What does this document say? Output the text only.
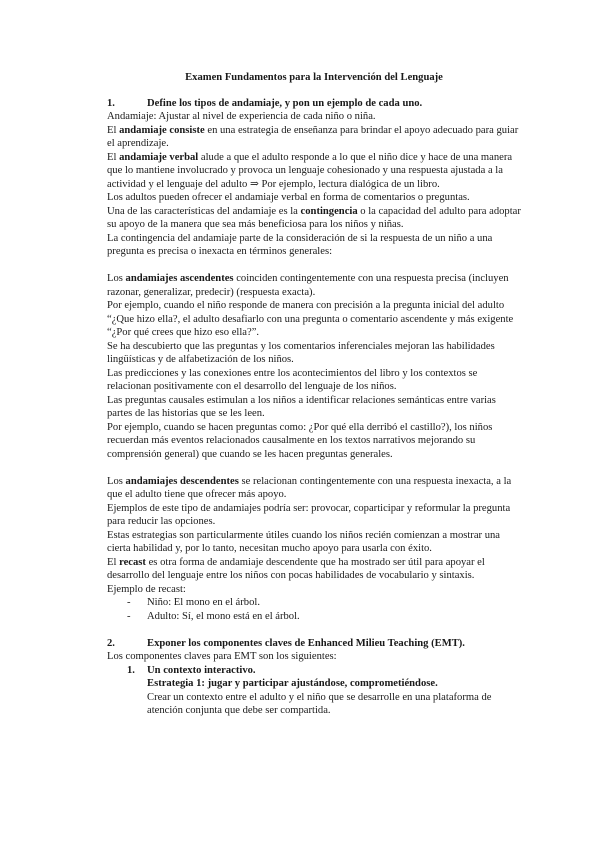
Examen Fundamentos para la Intervención del Lenguaje

1.	Define los tipos de andamiaje, y pon un ejemplo de cada uno.

Andamiaje: Ajustar al nivel de experiencia de cada niño o niña.

El andamiaje consiste en una estrategia de enseñanza para brindar el apoyo adecuado para guiar el aprendizaje.

El andamiaje verbal alude a que el adulto responde a lo que el niño dice y hace de una manera que lo mantiene involucrado y provoca un lenguaje cohesionado y una respuesta ajustada a la actividad y el lenguaje del adulto ⇒ Por ejemplo, lectura dialógica de un libro.

Los adultos pueden ofrecer el andamiaje verbal en forma de comentarios o preguntas.

Una de las características del andamiaje es la contingencia o la capacidad del adulto para adoptar su apoyo de la manera que sea más beneficiosa para los niños y niñas.

La contingencia del andamiaje parte de la consideración de si la respuesta de un niño a una pregunta es precisa o inexacta en términos generales:

Los andamiajes ascendentes coinciden contingentemente con una respuesta precisa (incluyen razonar, generalizar, predecir) (respuesta exacta).

Por ejemplo, cuando el niño responde de manera con precisión a la pregunta inicial del adulto “¿Que hizo ella?, el adulto desafiarlo con una pregunta o comentario ascendente y más exigente “¿Por qué crees que hizo eso ella?”.

Se ha descubierto que las preguntas y los comentarios inferenciales mejoran las habilidades lingüísticas y de alfabetización de los niños.

Las predicciones y las conexiones entre los acontecimientos del libro y los contextos se relacionan positivamente con el desarrollo del lenguaje de los niños.

Las preguntas causales estimulan a los niños a identificar relaciones semánticas entre varias partes de las historias que se les leen.

Por ejemplo, cuando se hacen preguntas como: ¿Por qué ella derribó el castillo?), los niños recuerdan más eventos relacionados causalmente en los textos narrativos mejorando su comprensión general) que cuando se les hacen preguntas generales.

Los andamiajes descendentes se relacionan contingentemente con una respuesta inexacta, a la que el adulto tiene que ofrecer más apoyo.

Ejemplos de este tipo de andamiajes podría ser: provocar, coparticipar y reformular la pregunta para reducir las opciones.

Estas estrategias son particularmente útiles cuando los niños recién comienzan a mostrar una cierta habilidad y, por lo tanto, necesitan mucho apoyo para usarla con éxito.

El recast es otra forma de andamiaje descendente que ha mostrado ser útil para apoyar el desarrollo del lenguaje entre los niños con pocas habilidades de vocabulario y sintaxis.

Ejemplo de recast:

- Niño: El mono en el árbol.
- Adulto: Sí, el mono está en el árbol.
2.	Exponer los componentes claves de Enhanced Milieu Teaching (EMT).

Los componentes claves para EMT son los siguientes:

1. Un contexto interactivo.

Estrategia 1: jugar y participar ajustándose, comprometiéndose.

Crear un contexto entre el adulto y el niño que se desarrolle en una plataforma de atención conjunta que debe ser compartida.
